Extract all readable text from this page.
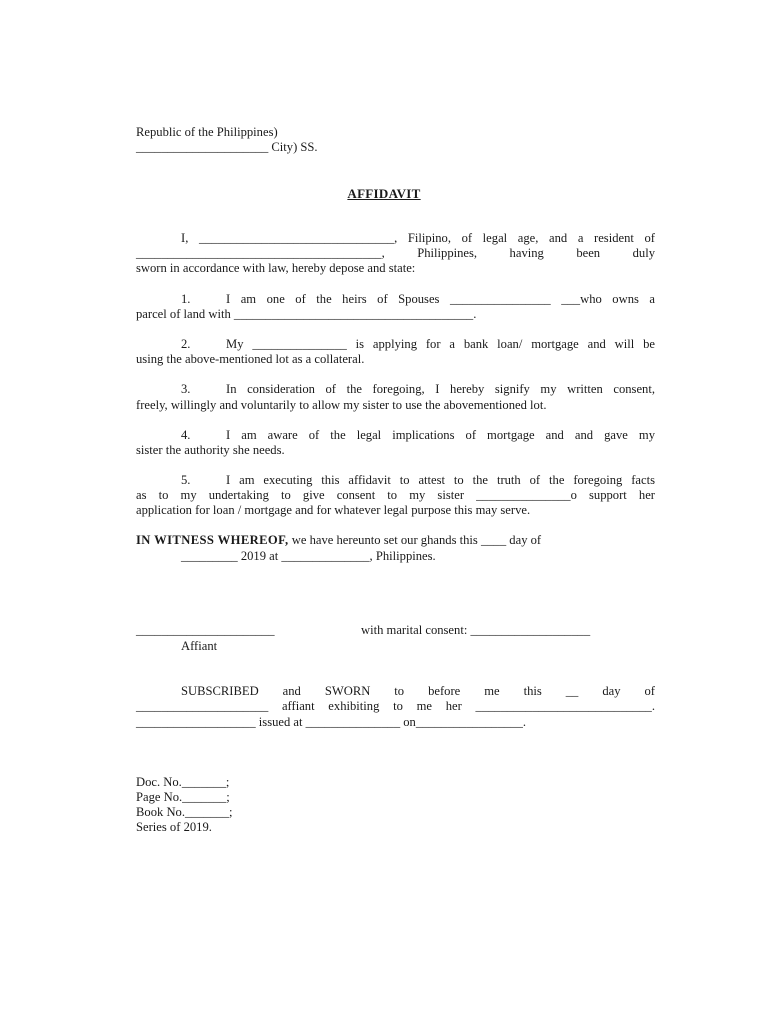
Republic of the Philippines)
_____________________ City) SS.
AFFIDAVIT
I, _______________________________, Filipino, of legal age, and a resident of
_______________________________________, Philippines, having been duly
sworn in accordance with law, hereby depose and state:
1.	I am one of the heirs of Spouses ________________ ___who owns a
parcel of land with ______________________________________.
2.	My _______________ is applying for a bank loan/ mortgage and will be
using the above-mentioned lot as a collateral.
3.	In consideration of the foregoing, I hereby signify my written consent,
freely, willingly and voluntarily to allow my sister to use the abovementioned lot.
4.	I am aware of the legal implications of mortgage and and gave my
sister the authority she needs.
5.	I am executing this affidavit to attest to the truth of the foregoing facts
as to my undertaking to give consent to my sister _______________o support her
application for loan / mortgage and for whatever legal purpose this may serve.
IN WITNESS WHEREOF, we have hereunto set our ghands this ____ day of
_________ 2019 at ______________, Philippines.
______________________	with marital consent: ___________________
Affiant
SUBSCRIBED and SWORN to before me this __ day of
_____________________ affiant exhibiting to me her ____________________________.
___________________ issued at _______________ on_________________.
Doc. No._______;
Page No._______;
Book No._______;
Series of 2019.
